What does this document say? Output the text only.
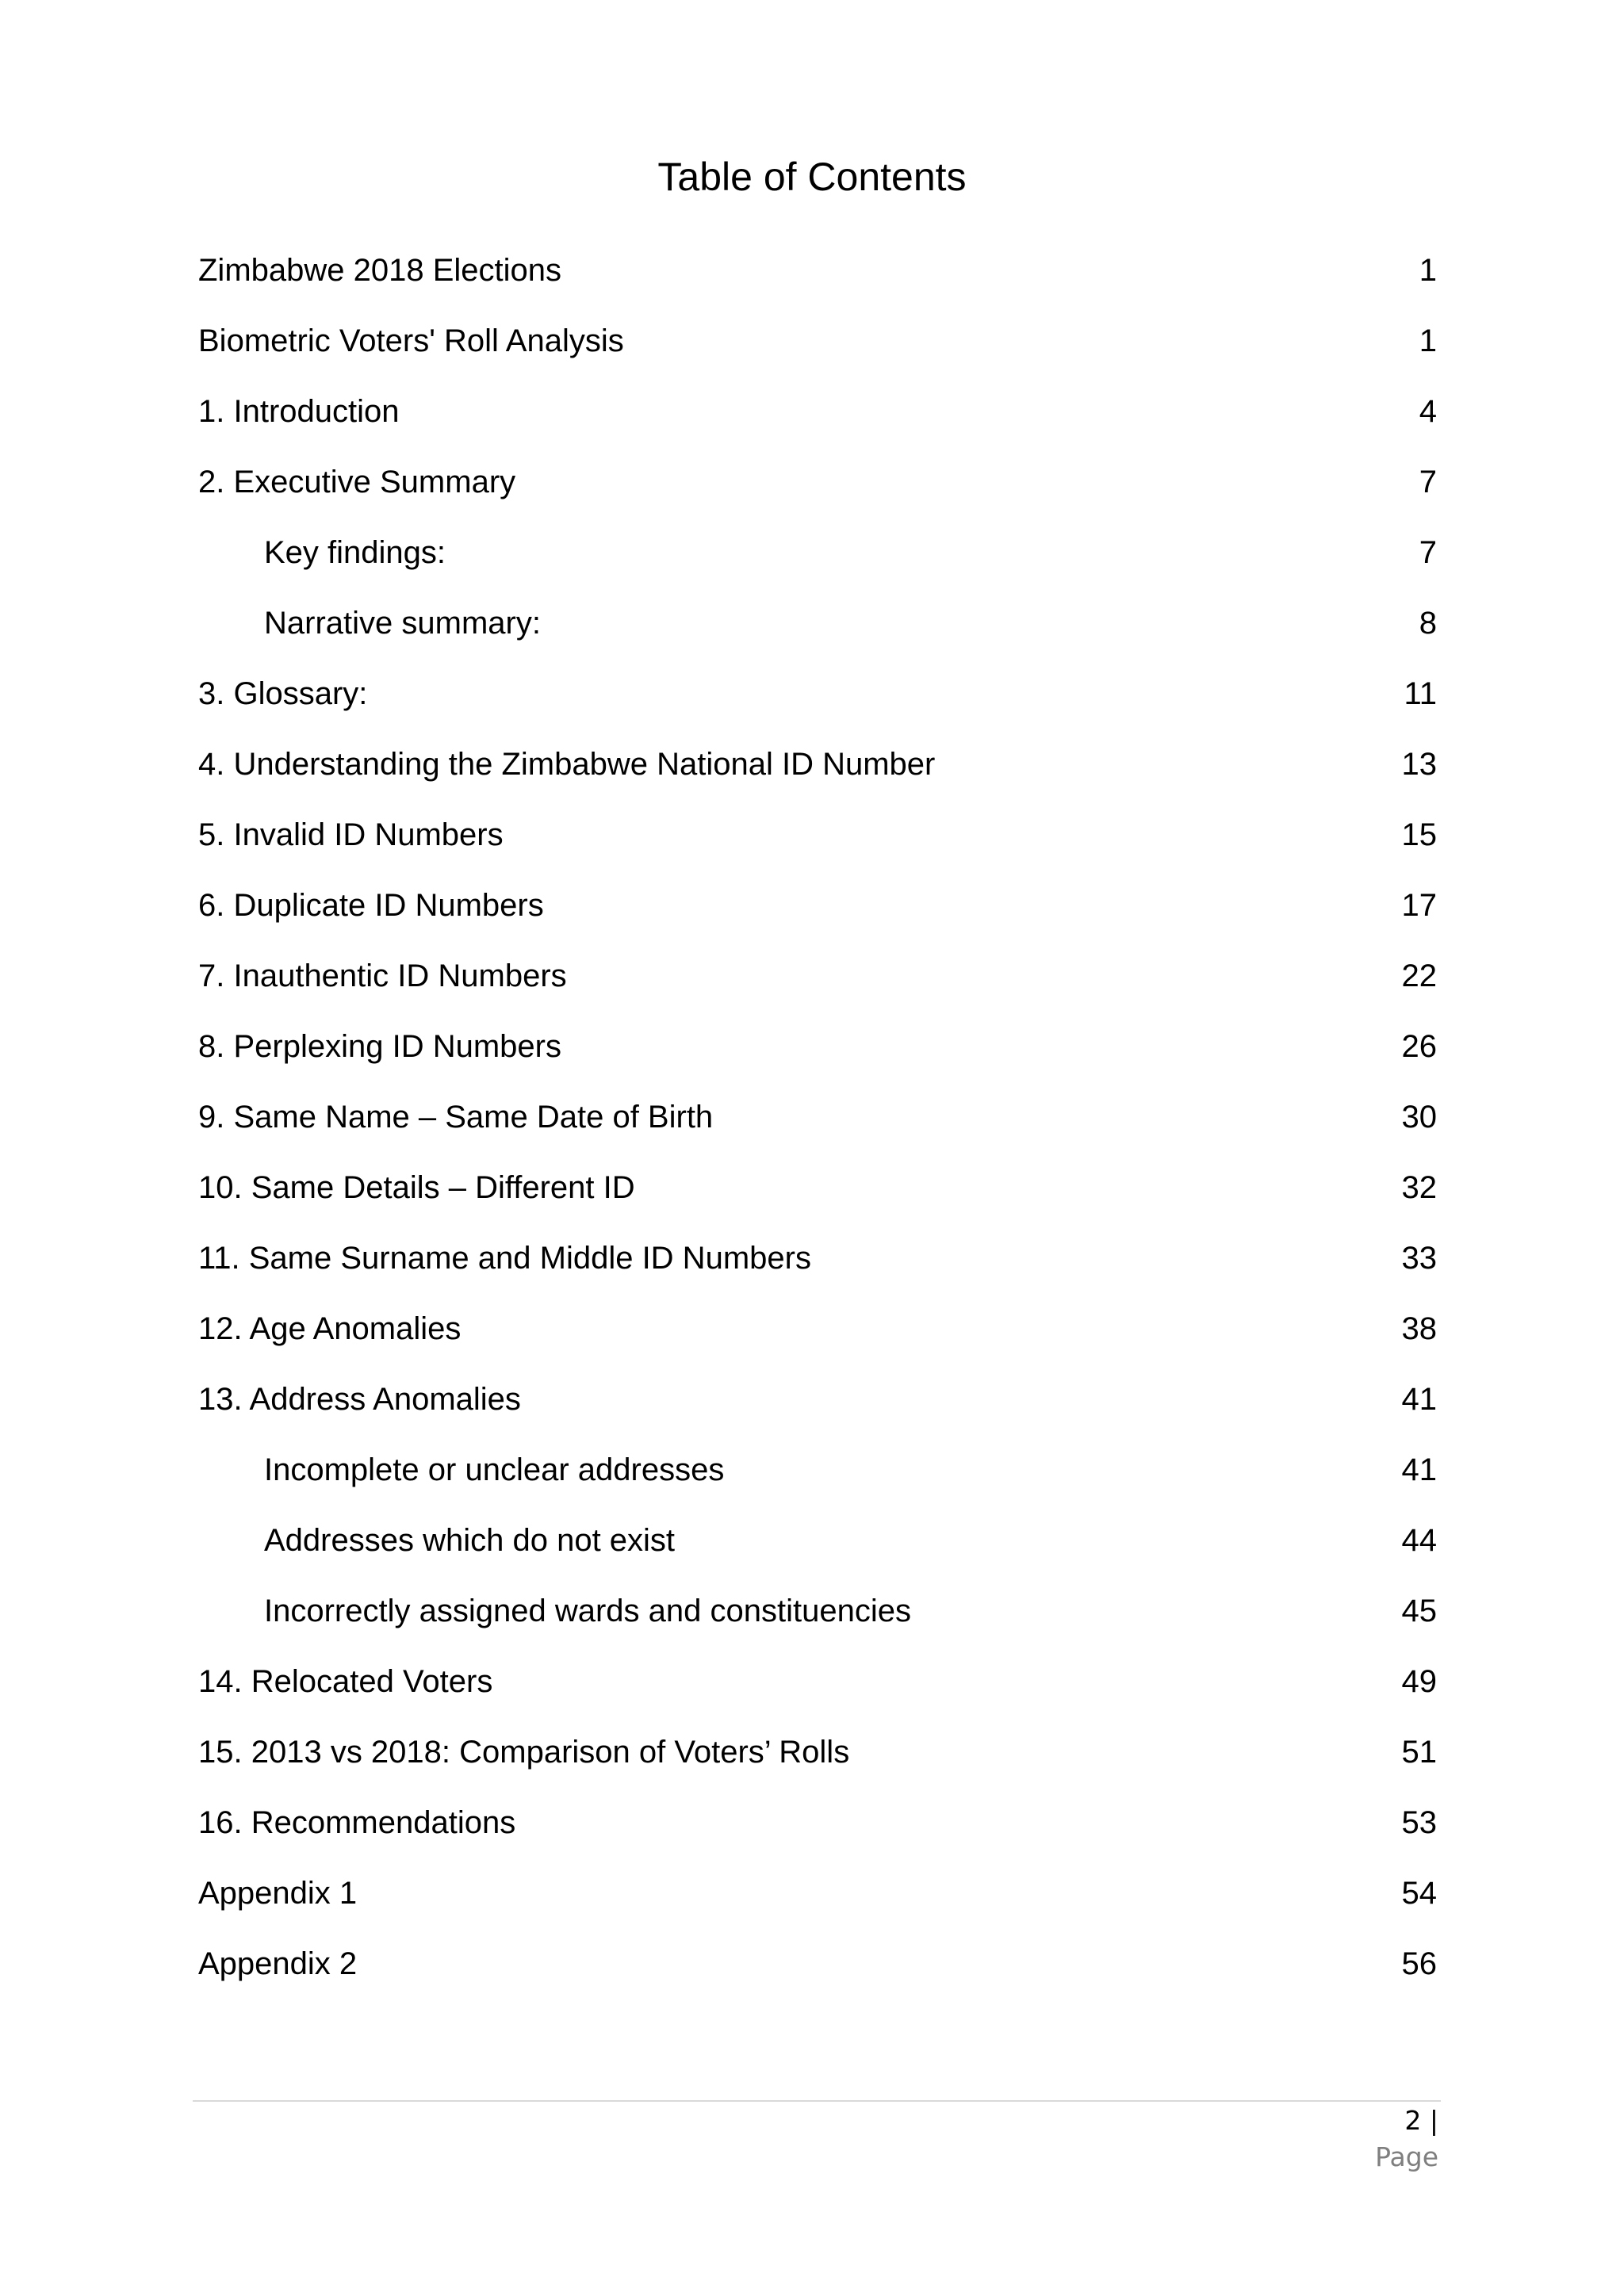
Table of Contents
Zimbabwe 2018 Elections	1
Biometric Voters' Roll Analysis	1
1. Introduction	4
2. Executive Summary	7
Key findings:	7
Narrative summary:	8
3. Glossary:	11
4. Understanding the Zimbabwe National ID Number	13
5. Invalid ID Numbers	15
6. Duplicate ID Numbers	17
7. Inauthentic ID Numbers	22
8. Perplexing ID Numbers	26
9. Same Name – Same Date of Birth	30
10. Same Details – Different ID	32
11. Same Surname and Middle ID Numbers	33
12. Age Anomalies	38
13. Address Anomalies	41
Incomplete or unclear addresses	41
Addresses which do not exist	44
Incorrectly assigned wards and constituencies	45
14. Relocated Voters	49
15. 2013 vs 2018: Comparison of Voters’ Rolls	51
16. Recommendations	53
Appendix 1	54
Appendix 2	56
2 |
Page
